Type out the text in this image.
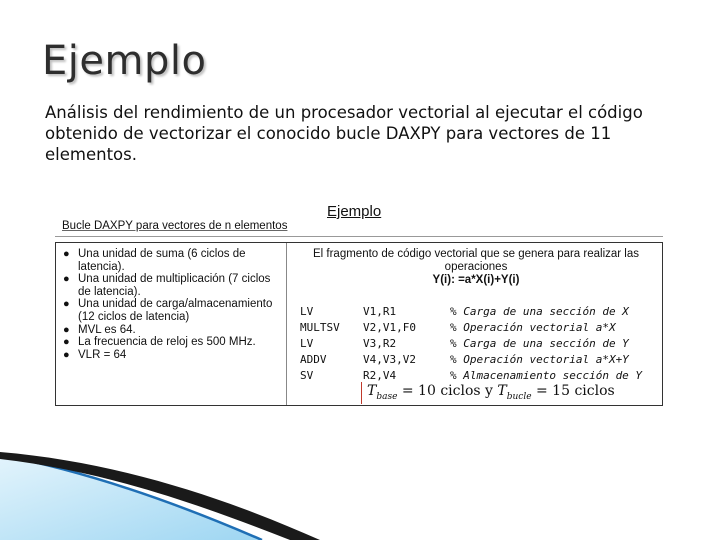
Ejemplo
Análisis del rendimiento de un procesador vectorial al ejecutar el código obtenido de vectorizar el conocido bucle DAXPY para vectores de 11 elementos.
Ejemplo
Bucle DAXPY para vectores de n elementos
● Una unidad de suma (6 ciclos de latencia).
● Una unidad de multiplicación (7 ciclos de latencia).
● Una unidad de carga/almacenamiento (12 ciclos de latencia)
● MVL es 64.
● La frecuencia de reloj es 500 MHz.
● VLR = 64
El fragmento de código vectorial que se genera para realizar las operaciones
Y(i): =a*X(i)+Y(i)
LV	V1,R1	% Carga de una sección de X
MULTSV	V2,V1,F0	% Operación vectorial a*X
LV	V3,R2	% Carga de una sección de Y
ADDV	V4,V3,V2	% Operación vectorial a*X+Y
SV	R2,V4	% Almacenamiento sección de Y
$T_{base} = 10$ ciclos y $T_{bucle} = 15$ ciclos
